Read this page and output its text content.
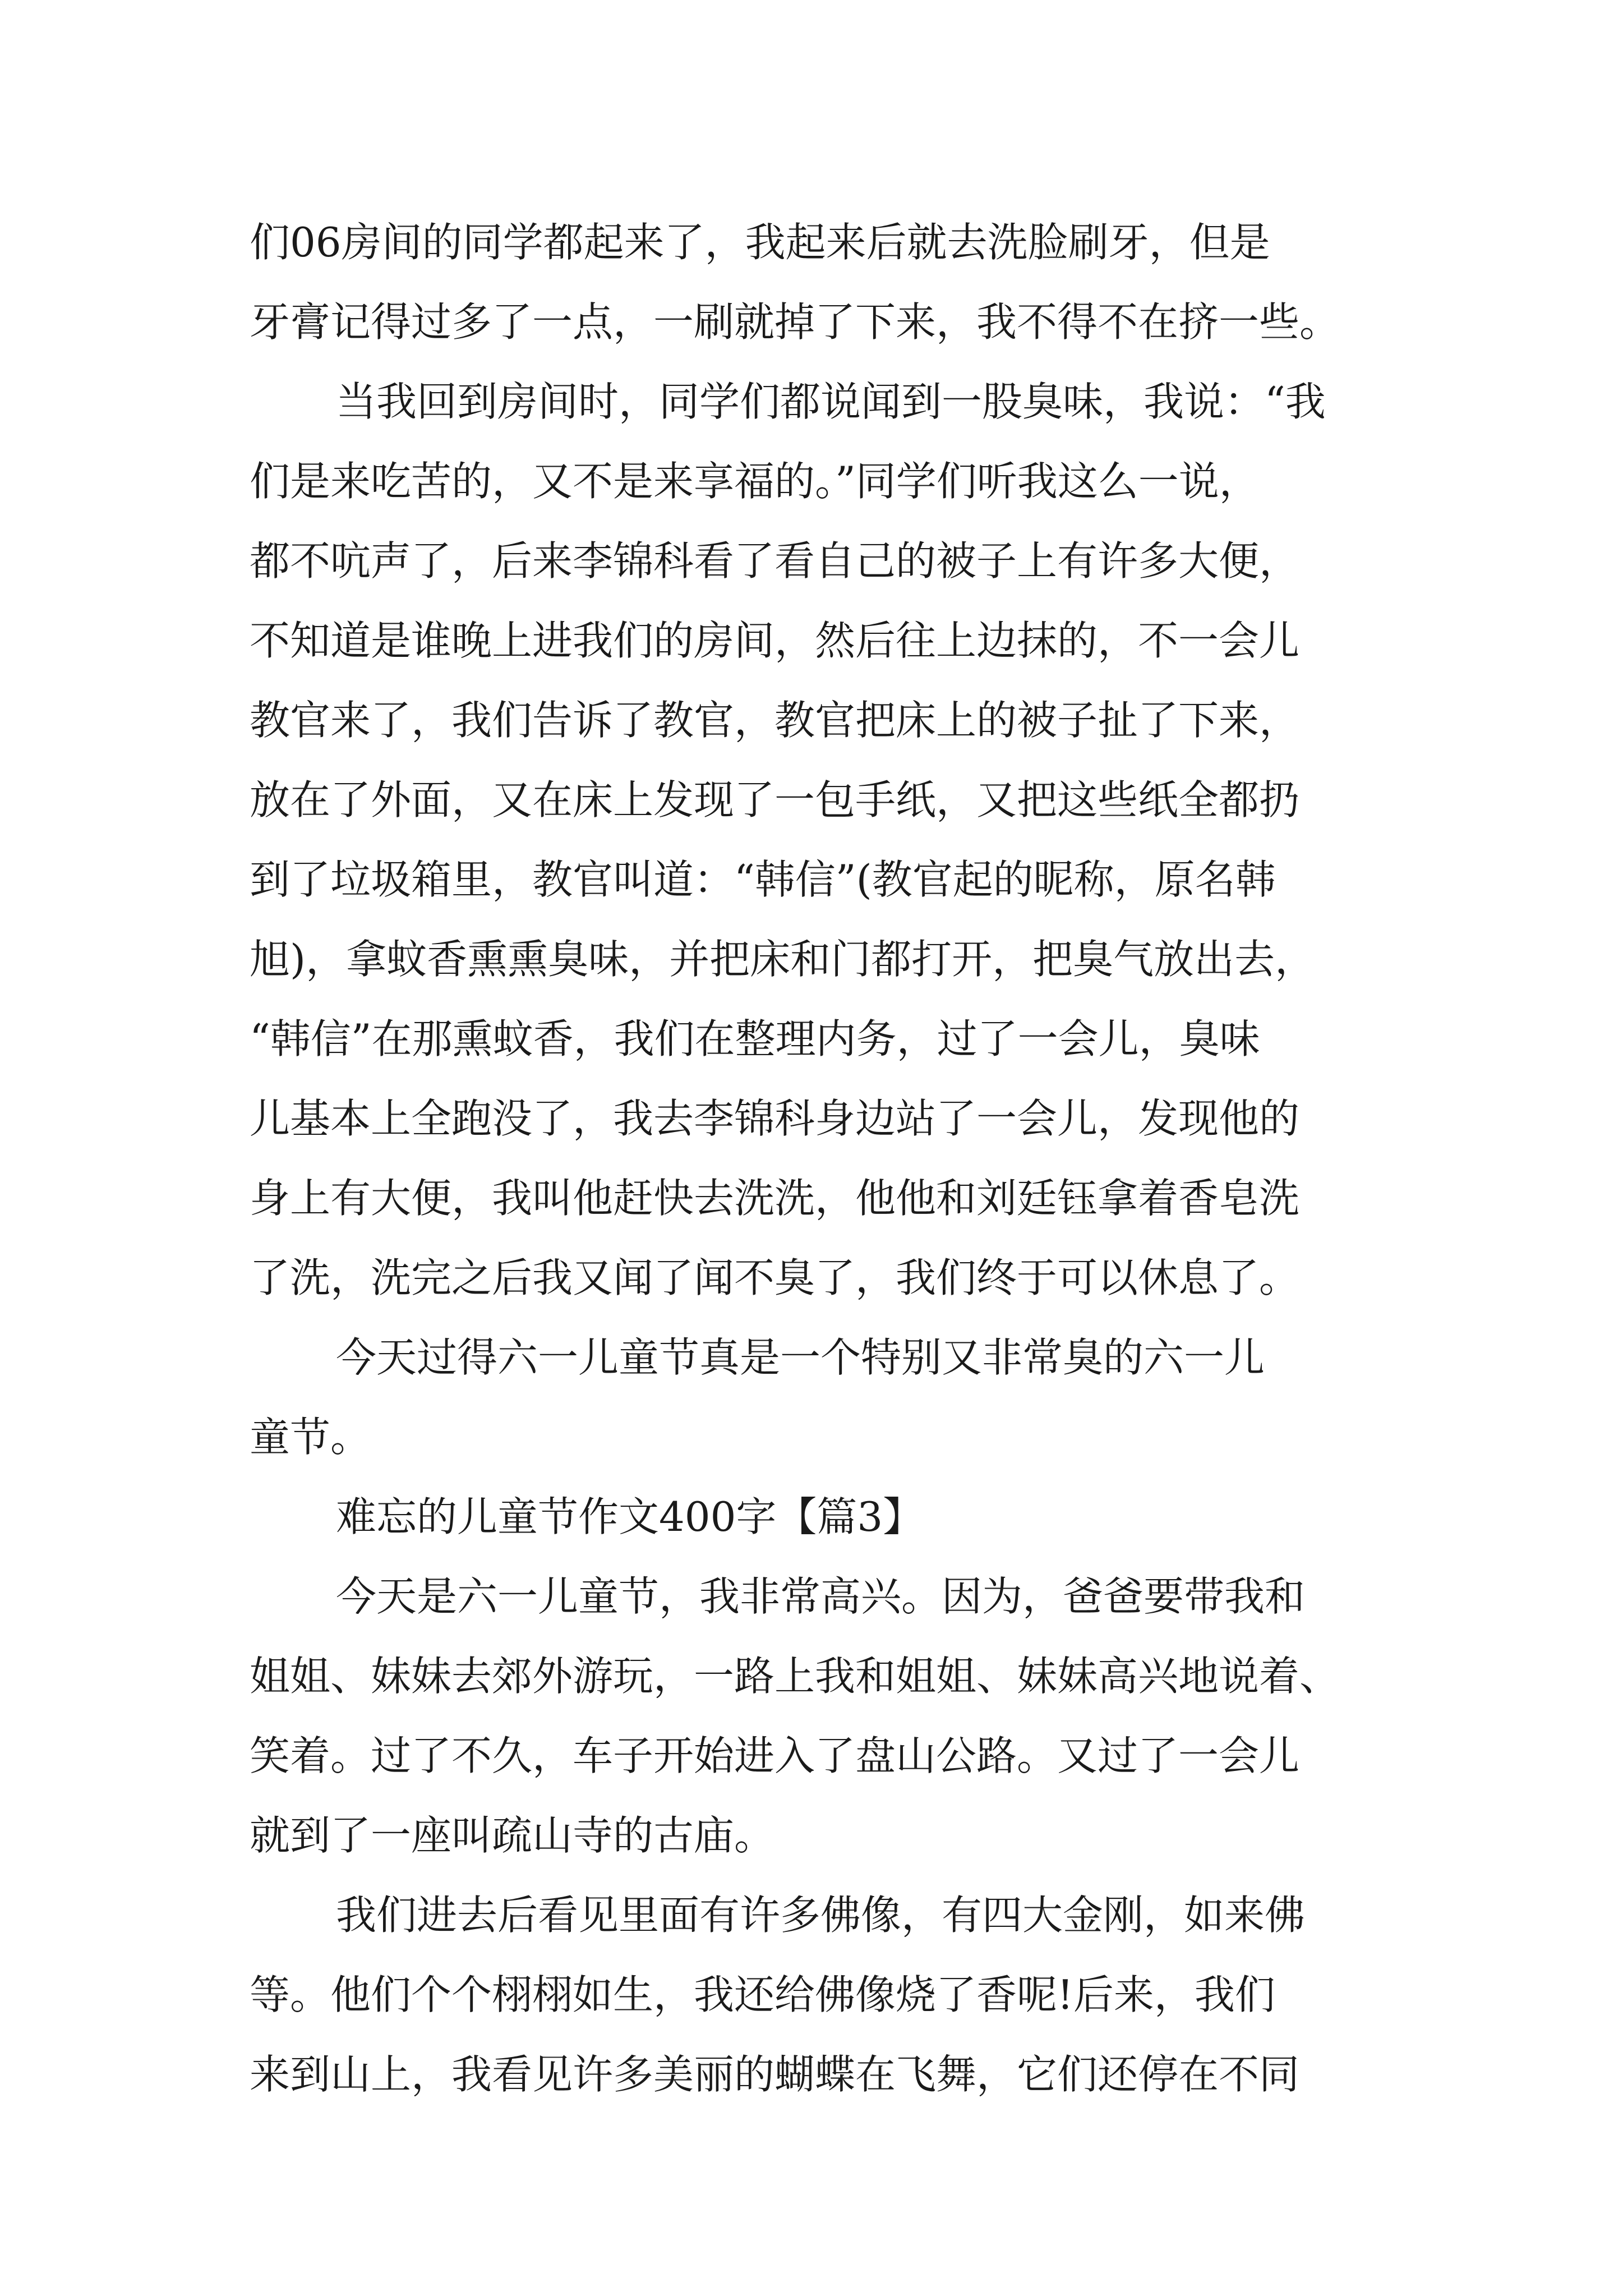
们06房间的同学都起来了，我起来后就去洗脸刷牙，但是

牙膏记得过多了一点，一刷就掉了下来，我不得不在挤一些。

当我回到房间时，同学们都说闻到一股臭味，我说：“我

们是来吃苦的，又不是来享福的。”同学们听我这么一说，

都不吭声了，后来李锦科看了看自己的被子上有许多大便，

不知道是谁晚上进我们的房间，然后往上边抹的，不一会儿

教官来了，我们告诉了教官，教官把床上的被子扯了下来，

放在了外面，又在床上发现了一包手纸，又把这些纸全都扔

到了垃圾箱里，教官叫道：“韩信”(教官起的昵称，原名韩

旭)，拿蚊香熏熏臭味，并把床和门都打开，把臭气放出去，

“韩信”在那熏蚊香，我们在整理内务，过了一会儿，臭味

儿基本上全跑没了，我去李锦科身边站了一会儿，发现他的

身上有大便，我叫他赶快去洗洗，他他和刘廷钰拿着香皂洗

了洗，洗完之后我又闻了闻不臭了，我们终于可以休息了。

今天过得六一儿童节真是一个特别又非常臭的六一儿

童节。

难忘的儿童节作文400字【篇3】

今天是六一儿童节，我非常高兴。因为，爸爸要带我和

姐姐、妹妹去郊外游玩，一路上我和姐姐、妹妹高兴地说着、

笑着。过了不久，车子开始进入了盘山公路。又过了一会儿

就到了一座叫疏山寺的古庙。

我们进去后看见里面有许多佛像，有四大金刚，如来佛

等。他们个个栩栩如生，我还给佛像烧了香呢!后来，我们

来到山上，我看见许多美丽的蝴蝶在飞舞，它们还停在不同
